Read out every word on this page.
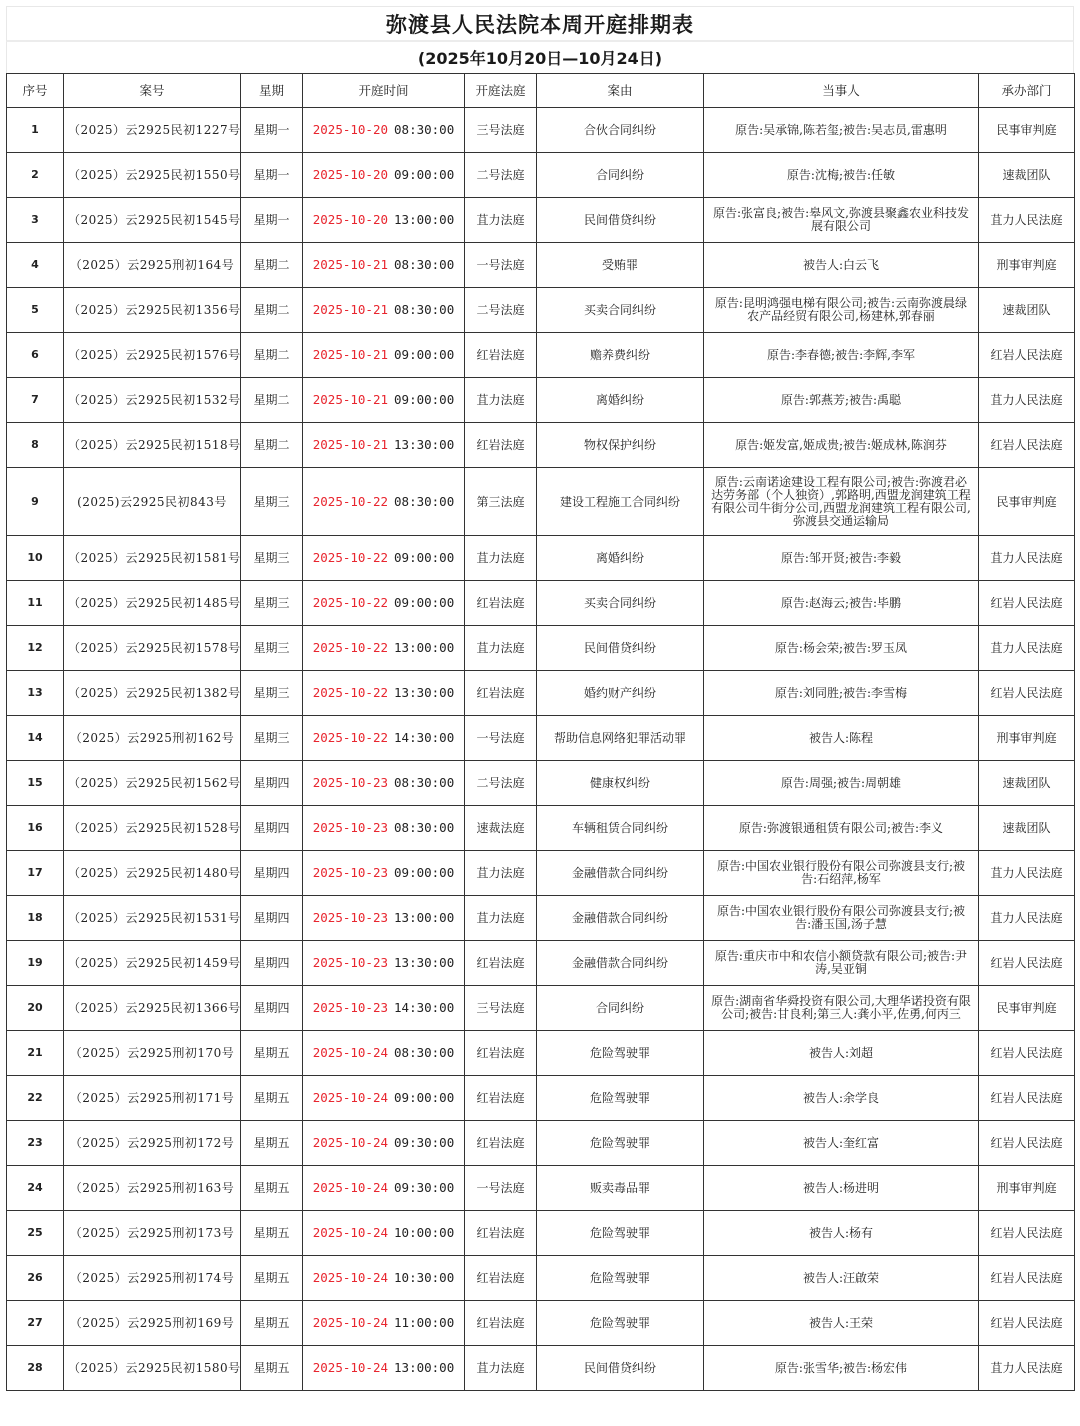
弥渡县人民法院本周开庭排期表
(2025年10月20日—10月24日)
序号	案号	星期	开庭时间	开庭法庭	案由	当事人	承办部门
1	（2025）云2925民初1227号	星期一	2025-10-20 08:30:00	三号法庭	合伙合同纠纷	原告:吴承锦,陈若玺;被告:吴志员,雷惠明	民事审判庭
2	（2025）云2925民初1550号	星期一	2025-10-20 09:00:00	二号法庭	合同纠纷	原告:沈梅;被告:任敏	速裁团队
3	（2025）云2925民初1545号	星期一	2025-10-20 13:00:00	苴力法庭	民间借贷纠纷	原告:张富良;被告:皋风文,弥渡县聚鑫农业科技发展有限公司	苴力人民法庭
4	（2025）云2925刑初164号	星期二	2025-10-21 08:30:00	一号法庭	受贿罪	被告人:白云飞	刑事审判庭
5	（2025）云2925民初1356号	星期二	2025-10-21 08:30:00	二号法庭	买卖合同纠纷	原告:昆明鸿强电梯有限公司;被告:云南弥渡晨绿农产品经贸有限公司,杨建林,郭春丽	速裁团队
6	（2025）云2925民初1576号	星期二	2025-10-21 09:00:00	红岩法庭	赡养费纠纷	原告:李春德;被告:李辉,李军	红岩人民法庭
7	（2025）云2925民初1532号	星期二	2025-10-21 09:00:00	苴力法庭	离婚纠纷	原告:郭燕芳;被告:禹聪	苴力人民法庭
8	（2025）云2925民初1518号	星期二	2025-10-21 13:30:00	红岩法庭	物权保护纠纷	原告:姬发富,姬成贵;被告:姬成林,陈润芬	红岩人民法庭
9	(2025)云2925民初843号	星期三	2025-10-22 08:30:00	第三法庭	建设工程施工合同纠纷	原告:云南诺途建设工程有限公司;被告:弥渡君必达劳务部（个人独资）,郭路明,西盟龙润建筑工程有限公司牛街分公司,西盟龙润建筑工程有限公司,弥渡县交通运输局	民事审判庭
10	（2025）云2925民初1581号	星期三	2025-10-22 09:00:00	苴力法庭	离婚纠纷	原告:邹开贤;被告:李毅	苴力人民法庭
11	（2025）云2925民初1485号	星期三	2025-10-22 09:00:00	红岩法庭	买卖合同纠纷	原告:赵海云;被告:毕鹏	红岩人民法庭
12	（2025）云2925民初1578号	星期三	2025-10-22 13:00:00	苴力法庭	民间借贷纠纷	原告:杨会荣;被告:罗玉凤	苴力人民法庭
13	（2025）云2925民初1382号	星期三	2025-10-22 13:30:00	红岩法庭	婚约财产纠纷	原告:刘同胜;被告:李雪梅	红岩人民法庭
14	（2025）云2925刑初162号	星期三	2025-10-22 14:30:00	一号法庭	帮助信息网络犯罪活动罪	被告人:陈程	刑事审判庭
15	（2025）云2925民初1562号	星期四	2025-10-23 08:30:00	二号法庭	健康权纠纷	原告:周强;被告:周朝雄	速裁团队
16	（2025）云2925民初1528号	星期四	2025-10-23 08:30:00	速裁法庭	车辆租赁合同纠纷	原告:弥渡银通租赁有限公司;被告:李义	速裁团队
17	（2025）云2925民初1480号	星期四	2025-10-23 09:00:00	苴力法庭	金融借款合同纠纷	原告:中国农业银行股份有限公司弥渡县支行;被告:石绍萍,杨军	苴力人民法庭
18	（2025）云2925民初1531号	星期四	2025-10-23 13:00:00	苴力法庭	金融借款合同纠纷	原告:中国农业银行股份有限公司弥渡县支行;被告:潘玉国,汤子慧	苴力人民法庭
19	（2025）云2925民初1459号	星期四	2025-10-23 13:30:00	红岩法庭	金融借款合同纠纷	原告:重庆市中和农信小额贷款有限公司;被告:尹涛,吴亚铜	红岩人民法庭
20	（2025）云2925民初1366号	星期四	2025-10-23 14:30:00	三号法庭	合同纠纷	原告:湖南省华舜投资有限公司,大理华诺投资有限公司;被告:甘良利;第三人:龚小平,佐勇,何丙三	民事审判庭
21	（2025）云2925刑初170号	星期五	2025-10-24 08:30:00	红岩法庭	危险驾驶罪	被告人:刘超	红岩人民法庭
22	（2025）云2925刑初171号	星期五	2025-10-24 09:00:00	红岩法庭	危险驾驶罪	被告人:余学良	红岩人民法庭
23	（2025）云2925刑初172号	星期五	2025-10-24 09:30:00	红岩法庭	危险驾驶罪	被告人:奎红富	红岩人民法庭
24	（2025）云2925刑初163号	星期五	2025-10-24 09:30:00	一号法庭	贩卖毒品罪	被告人:杨进明	刑事审判庭
25	（2025）云2925刑初173号	星期五	2025-10-24 10:00:00	红岩法庭	危险驾驶罪	被告人:杨有	红岩人民法庭
26	（2025）云2925刑初174号	星期五	2025-10-24 10:30:00	红岩法庭	危险驾驶罪	被告人:汪啟荣	红岩人民法庭
27	（2025）云2925刑初169号	星期五	2025-10-24 11:00:00	红岩法庭	危险驾驶罪	被告人:王荣	红岩人民法庭
28	（2025）云2925民初1580号	星期五	2025-10-24 13:00:00	苴力法庭	民间借贷纠纷	原告:张雪华;被告:杨宏伟	苴力人民法庭
